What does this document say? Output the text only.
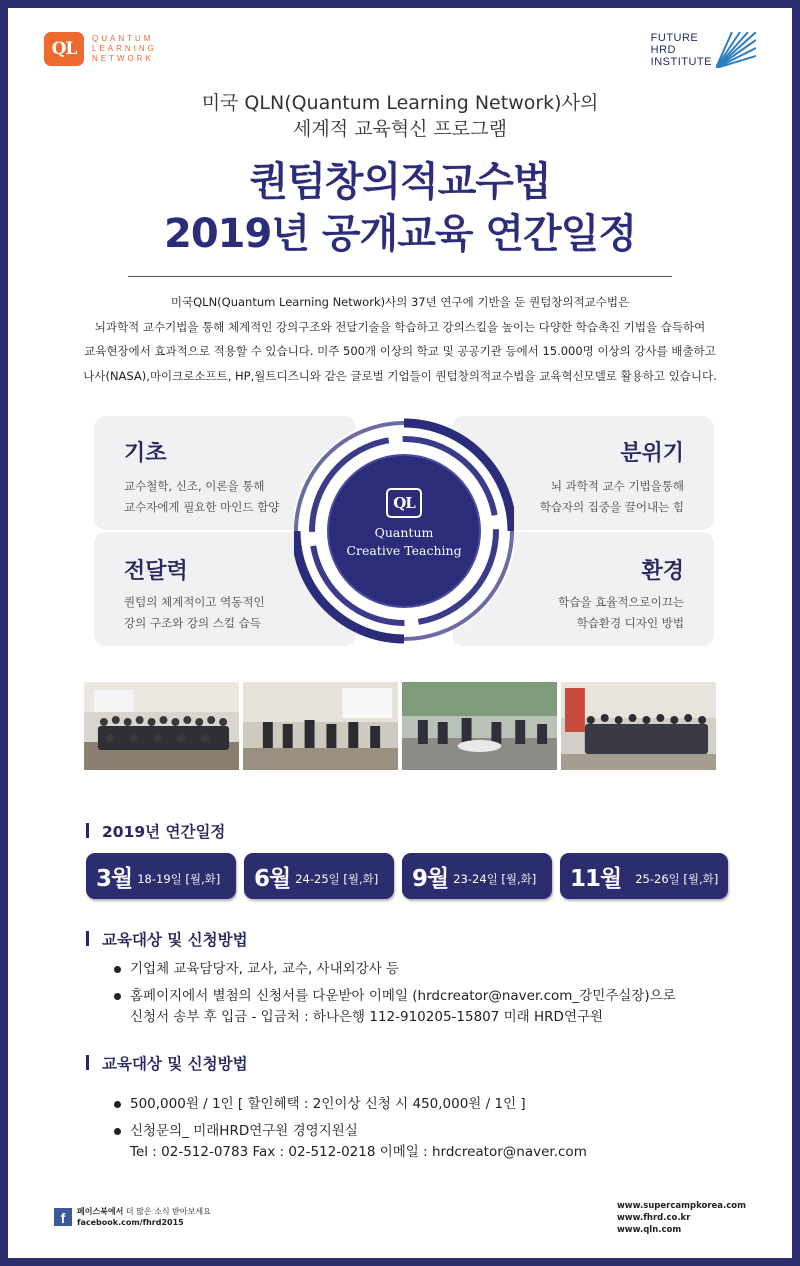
QL
QUANTUM
LEARNING
NETWORK
FUTURE
HRD
INSTITUTE
미국 QLN(Quantum Learning Network)사의
세계적 교육혁신 프로그램
퀀텀창의적교수법
2019년 공개교육 연간일정
미국QLN(Quantum Learning Network)사의 37년 연구에 기반을 둔 퀀텀창의적교수법은
뇌과학적 교수기법을 통해 체계적인 강의구조와 전달기술을 학습하고 강의스킬을 높이는 다양한 학습촉진 기법을 습득하여
교육현장에서 효과적으로 적용할 수 있습니다. 미주 500개 이상의 학교 및 공공기관 등에서 15.000명 이상의 강사를 배출하고
나사(NASA),마이크로소프트, HP,월트디즈니와 같은 글로벌 기업들이 퀀텀창의적교수법을 교육혁신모델로 활용하고 있습니다.
기초

교수철학, 신조, 이론을 통해
교수자에게 필요한 마인드 함양

분위기

뇌 과학적 교수 기법을통해
학습자의 집중을 끌어내는 힘

전달력

퀀텀의 체계적이고 역동적인
강의 구조와 강의 스킬 습득

환경

학습을 효율적으로이끄는
학습환경 디자인 방법

QL
Quantum
Creative Teaching
2019년 연간일정
3월 18-19일 [월,화] 6월 24-25일 [월,화] 9월 23-24일 [월,화] 11월 25-26일 [월,화]
교육대상 및 신청방법
기업체 교육담당자, 교사, 교수, 사내외강사 등
홈페이지에서 별첨의 신청서를 다운받아 이메일 (hrdcreator@naver.com_강민주실장)으로
신청서 송부 후 입금 - 입금처 : 하나은행 112-910205-15807 미래 HRD연구원
교육대상 및 신청방법
500,000원 / 1인 [ 할인혜택 : 2인이상 신청 시 450,000원 / 1인 ]
신청문의_ 미래HRD연구원 경영지원실
Tel : 02-512-0783 Fax : 02-512-0218 이메일 : hrdcreator@naver.com
f	페이스북에서 더 많은 소식 받아보세요
facebook.com/fhrd2015
www.supercampkorea.com
www.fhrd.co.kr
www.qln.com
